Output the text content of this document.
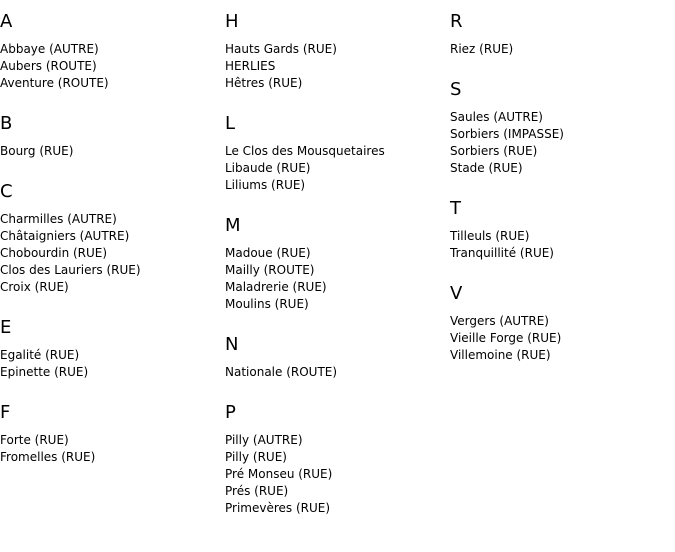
A
Abbaye (AUTRE)
Aubers (ROUTE)
Aventure (ROUTE)
B
Bourg (RUE)
C
Charmilles (AUTRE)
Châtaigniers (AUTRE)
Chobourdin (RUE)
Clos des Lauriers (RUE)
Croix (RUE)
E
Egalité (RUE)
Epinette (RUE)
F
Forte (RUE)
Fromelles (RUE)
H
Hauts Gards (RUE)
HERLIES
Hêtres (RUE)
L
Le Clos des Mousquetaires
Libaude (RUE)
Liliums (RUE)
M
Madoue (RUE)
Mailly (ROUTE)
Maladrerie (RUE)
Moulins (RUE)
N
Nationale (ROUTE)
P
Pilly (AUTRE)
Pilly (RUE)
Pré Monseu (RUE)
Prés (RUE)
Primevères (RUE)
R
Riez (RUE)
S
Saules (AUTRE)
Sorbiers (IMPASSE)
Sorbiers (RUE)
Stade (RUE)
T
Tilleuls (RUE)
Tranquillité (RUE)
V
Vergers (AUTRE)
Vieille Forge (RUE)
Villemoine (RUE)
